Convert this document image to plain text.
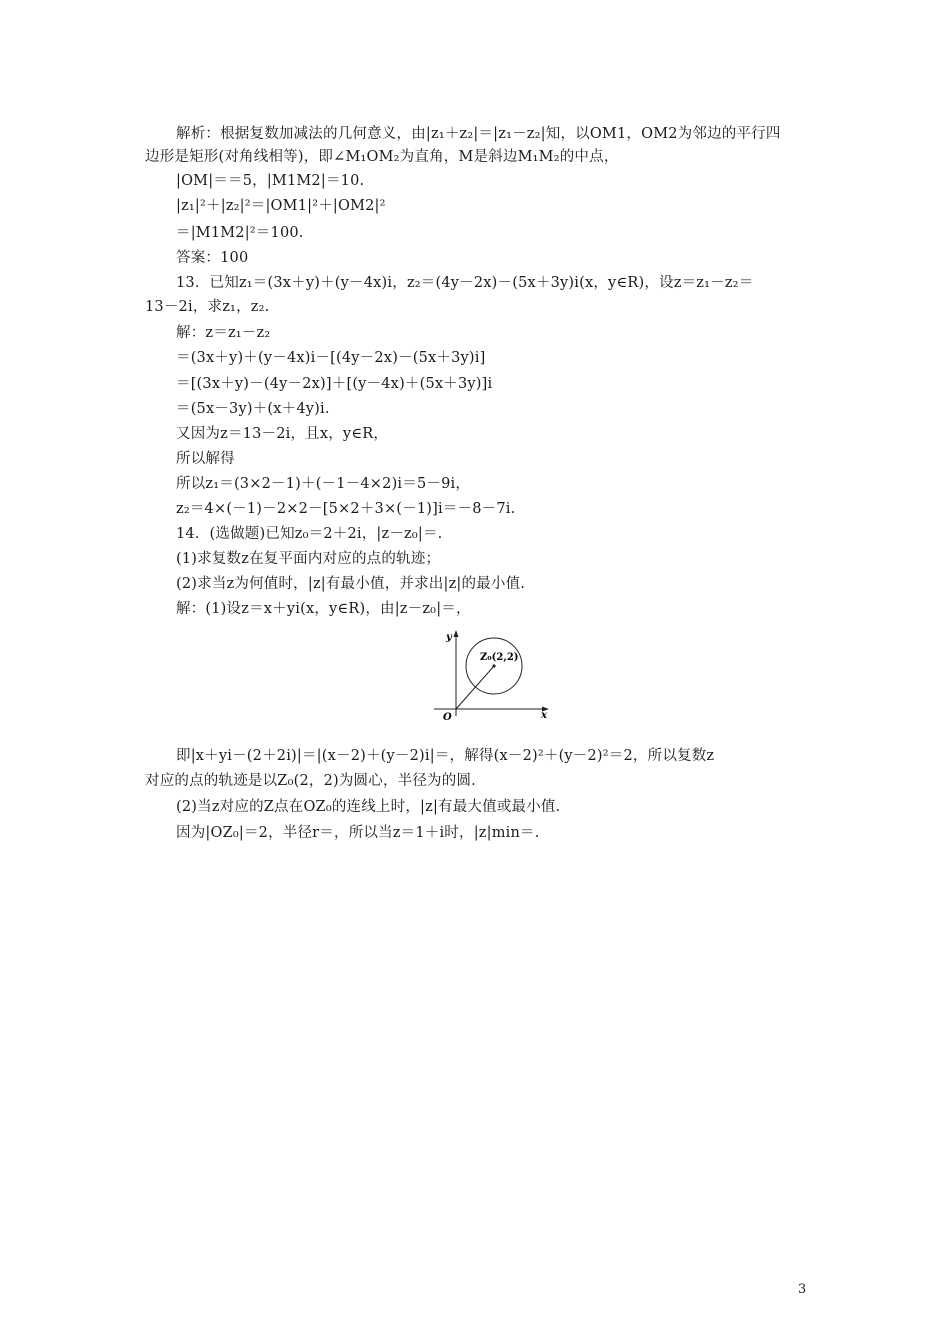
解析：根据复数加减法的几何意义，由|z₁＋z₂|＝|z₁－z₂|知，以OM1，OM2为邻边的平行四
边形是矩形(对角线相等)，即∠M₁OM₂为直角，M是斜边M₁M₂的中点，
|OM|＝＝5，|M1M2|＝10.
|z₁|²＋|z₂|²＝|OM1|²＋|OM2|²
＝|M1M2|²＝100.
答案：100
13．已知z₁＝(3x＋y)＋(y－4x)i，z₂＝(4y－2x)－(5x＋3y)i(x，y∈R)，设z＝z₁－z₂＝
13－2i，求z₁，z₂.
解：z＝z₁－z₂
＝(3x＋y)＋(y－4x)i－[(4y－2x)－(5x＋3y)i]
＝[(3x＋y)－(4y－2x)]＋[(y－4x)＋(5x＋3y)]i
＝(5x－3y)＋(x＋4y)i.
又因为z＝13－2i，且x，y∈R，
所以解得
所以z₁＝(3×2－1)＋(－1－4×2)i＝5－9i，
z₂＝4×(－1)－2×2－[5×2＋3×(－1)]i＝－8－7i.
14．(选做题)已知z₀＝2＋2i，|z－z₀|＝.
(1)求复数z在复平面内对应的点的轨迹；
(2)求当z为何值时，|z|有最小值，并求出|z|的最小值.
解：(1)设z＝x＋yi(x，y∈R)，由|z－z₀|＝，
y
x
O
Z₀(2,2)
即|x＋yi－(2＋2i)|＝|(x－2)＋(y－2)i|＝，解得(x－2)²＋(y－2)²＝2，所以复数z
对应的点的轨迹是以Z₀(2，2)为圆心，半径为的圆.
(2)当z对应的Z点在OZ₀的连线上时，|z|有最大值或最小值.
因为|OZ₀|＝2，半径r＝，所以当z＝1＋i时，|z|min＝.
3
